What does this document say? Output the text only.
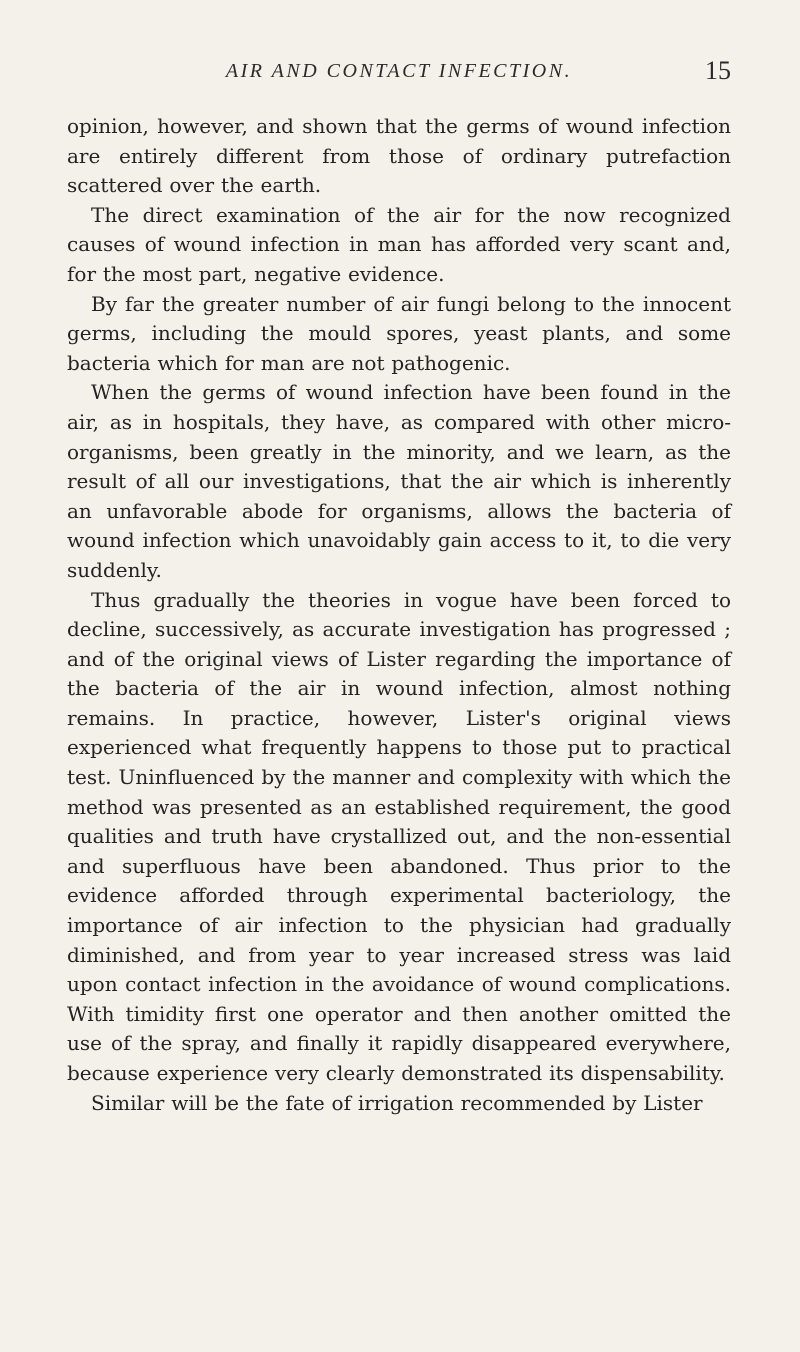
AIR AND CONTACT INFECTION.	15

opinion, however, and shown that the germs of wound infection are entirely different from those of ordinary putrefaction scattered over the earth.

The direct examination of the air for the now recognized causes of wound infection in man has afforded very scant and, for the most part, negative evidence.

By far the greater number of air fungi belong to the innocent germs, including the mould spores, yeast plants, and some bacteria which for man are not pathogenic.

When the germs of wound infection have been found in the air, as in hospitals, they have, as compared with other micro-organisms, been greatly in the minority, and we learn, as the result of all our investigations, that the air which is inherently an unfavorable abode for organisms, allows the bacteria of wound infection which unavoidably gain access to it, to die very suddenly.

Thus gradually the theories in vogue have been forced to decline, successively, as accurate investigation has progressed ; and of the original views of Lister regarding the importance of the bacteria of the air in wound infection, almost nothing remains. In practice, however, Lister's original views experienced what frequently happens to those put to practical test. Uninfluenced by the manner and complexity with which the method was presented as an established requirement, the good qualities and truth have crystallized out, and the non-essential and superfluous have been abandoned. Thus prior to the evidence afforded through experimental bacteriology, the importance of air infection to the physician had gradually diminished, and from year to year increased stress was laid upon contact infection in the avoidance of wound complications. With timidity first one operator and then another omitted the use of the spray, and finally it rapidly disappeared everywhere, because experience very clearly demonstrated its dispensability.

Similar will be the fate of irrigation recommended by Lister
